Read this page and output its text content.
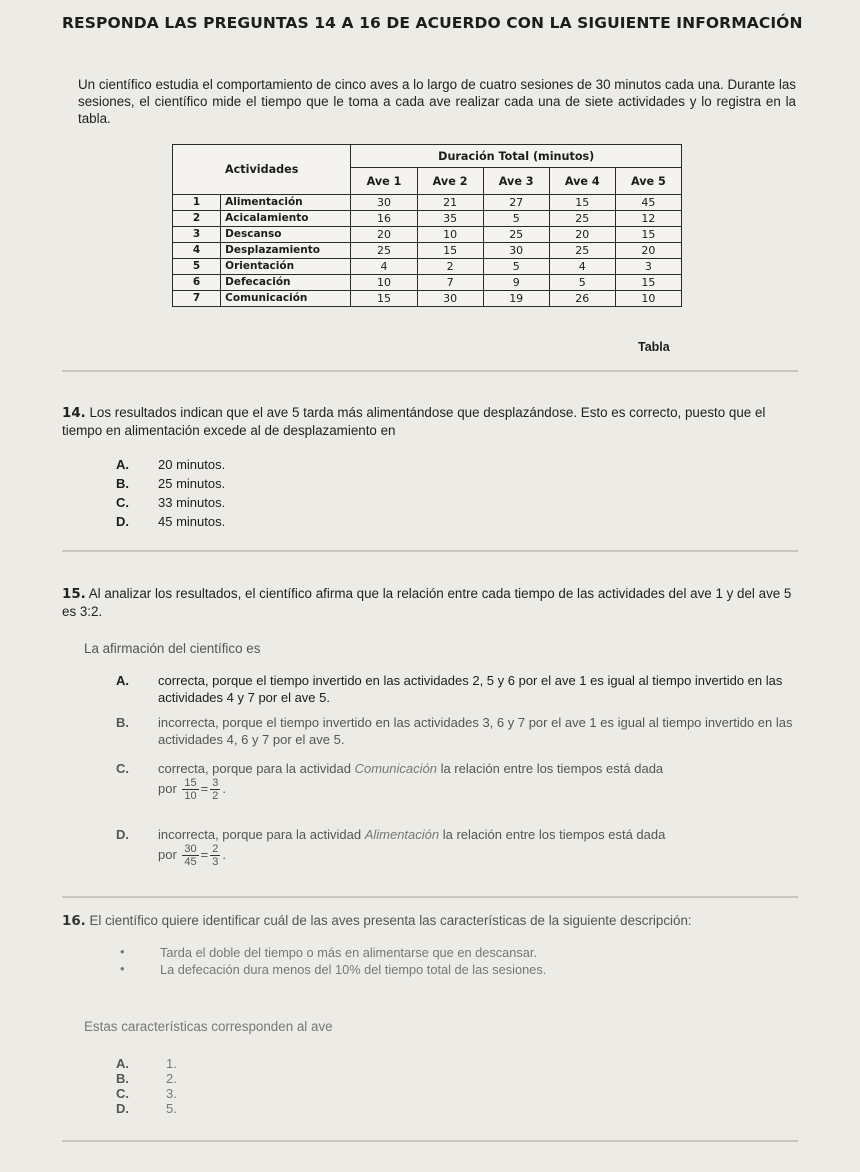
RESPONDA LAS PREGUNTAS 14 A 16 DE ACUERDO CON LA SIGUIENTE INFORMACIÓN
Un científico estudia el comportamiento de cinco aves a lo largo de cuatro sesiones de 30 minutos cada una. Durante las sesiones, el científico mide el tiempo que le toma a cada ave realizar cada una de siete actividades y lo registra en la tabla.
Actividades		Duración Total (minutos)				
		Ave 1	Ave 2	Ave 3	Ave 4	Ave 5
1	Alimentación	30	21	27	15	45
2	Acicalamiento	16	35	5	25	12
3	Descanso	20	10	25	20	15
4	Desplazamiento	25	15	30	25	20
5	Orientación	4	2	5	4	3
6	Defecación	10	7	9	5	15
7	Comunicación	15	30	19	26	10
Tabla
14. Los resultados indican que el ave 5 tarda más alimentándose que desplazándose. Esto es correcto, puesto que el tiempo en alimentación excede al de desplazamiento en
A. 20 minutos.
B. 25 minutos.
C. 33 minutos.
D. 45 minutos.
15. Al analizar los resultados, el científico afirma que la relación entre cada tiempo de las actividades del ave 1 y del ave 5 es 3:2.
La afirmación del científico es
A. correcta, porque el tiempo invertido en las actividades 2, 5 y 6 por el ave 1 es igual al tiempo invertido en las actividades 4 y 7 por el ave 5.
B. incorrecta, porque el tiempo invertido en las actividades 3, 6 y 7 por el ave 1 es igual al tiempo invertido en las actividades 4, 6 y 7 por el ave 5.
C. correcta, porque para la actividad Comunicación la relación entre los tiempos está dada
por $\frac{15}{10} = \frac{3}{2}$ .
D. incorrecta, porque para la actividad Alimentación la relación entre los tiempos está dada
por $\frac{30}{45} = \frac{2}{3}$ .
16. El científico quiere identificar cuál de las aves presenta las características de la siguiente descripción:
•	Tarda el doble del tiempo o más en alimentarse que en descansar.
•	La defecación dura menos del 10% del tiempo total de las sesiones.
Estas características corresponden al ave
A.	1.
B.	2.
C.	3.
D.	5.
